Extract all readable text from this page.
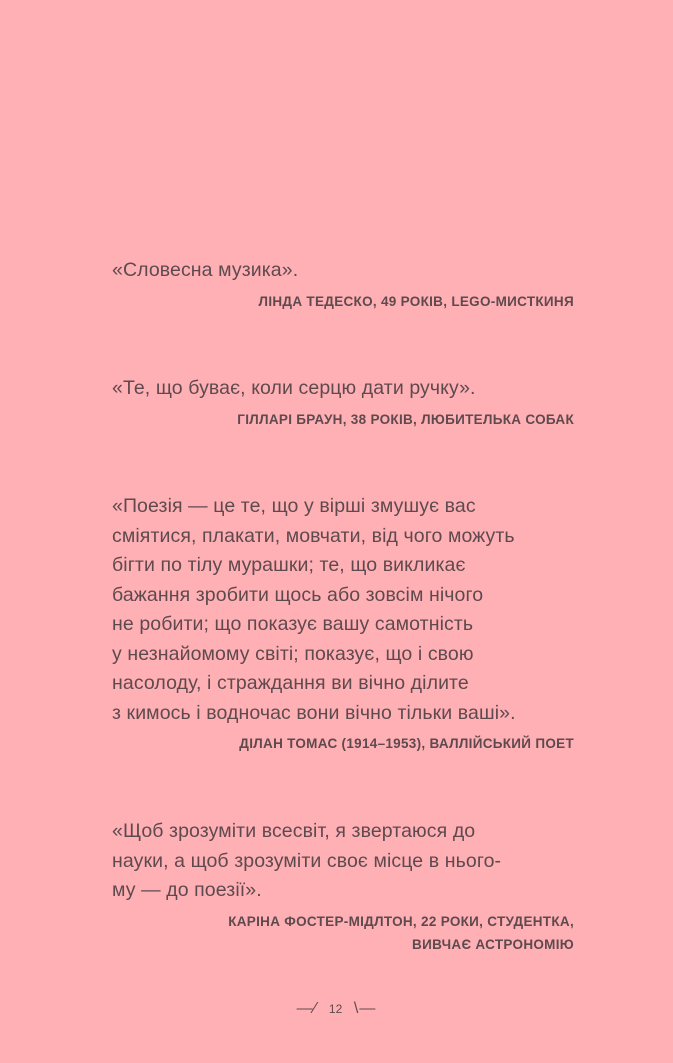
«Словесна музика».

ЛІНДА ТЕДЕСКО, 49 РОКІВ, LEGO-МИСТКИНЯ

«Те, що буває, коли серцю дати ручку».

ГІЛЛАРІ БРАУН, 38 РОКІВ, ЛЮБИТЕЛЬКА СОБАК

«Поезія — це те, що у вірші змушує вас
сміятися, плакати, мовчати, від чого можуть
бігти по тілу мурашки; те, що викликає
бажання зробити щось або зовсім нічого
не робити; що показує вашу самотність
у незнайомому світі; показує, що і свою
насолоду, і страждання ви вічно ділите
з кимось і водночас вони вічно тільки ваші».

ДІЛАН ТОМАС (1914–1953), ВАЛЛІЙСЬКИЙ ПОЕТ

«Щоб зрозуміти всесвіт, я звертаюся до
науки, а щоб зрозуміти своє місце в нього-
му — до поезії».

КАРІНА ФОСТЕР-МІДЛТОН, 22 РОКИ, СТУДЕНТКА,
ВИВЧАЄ АСТРОНОМІЮ
—⁄ 12 \—
